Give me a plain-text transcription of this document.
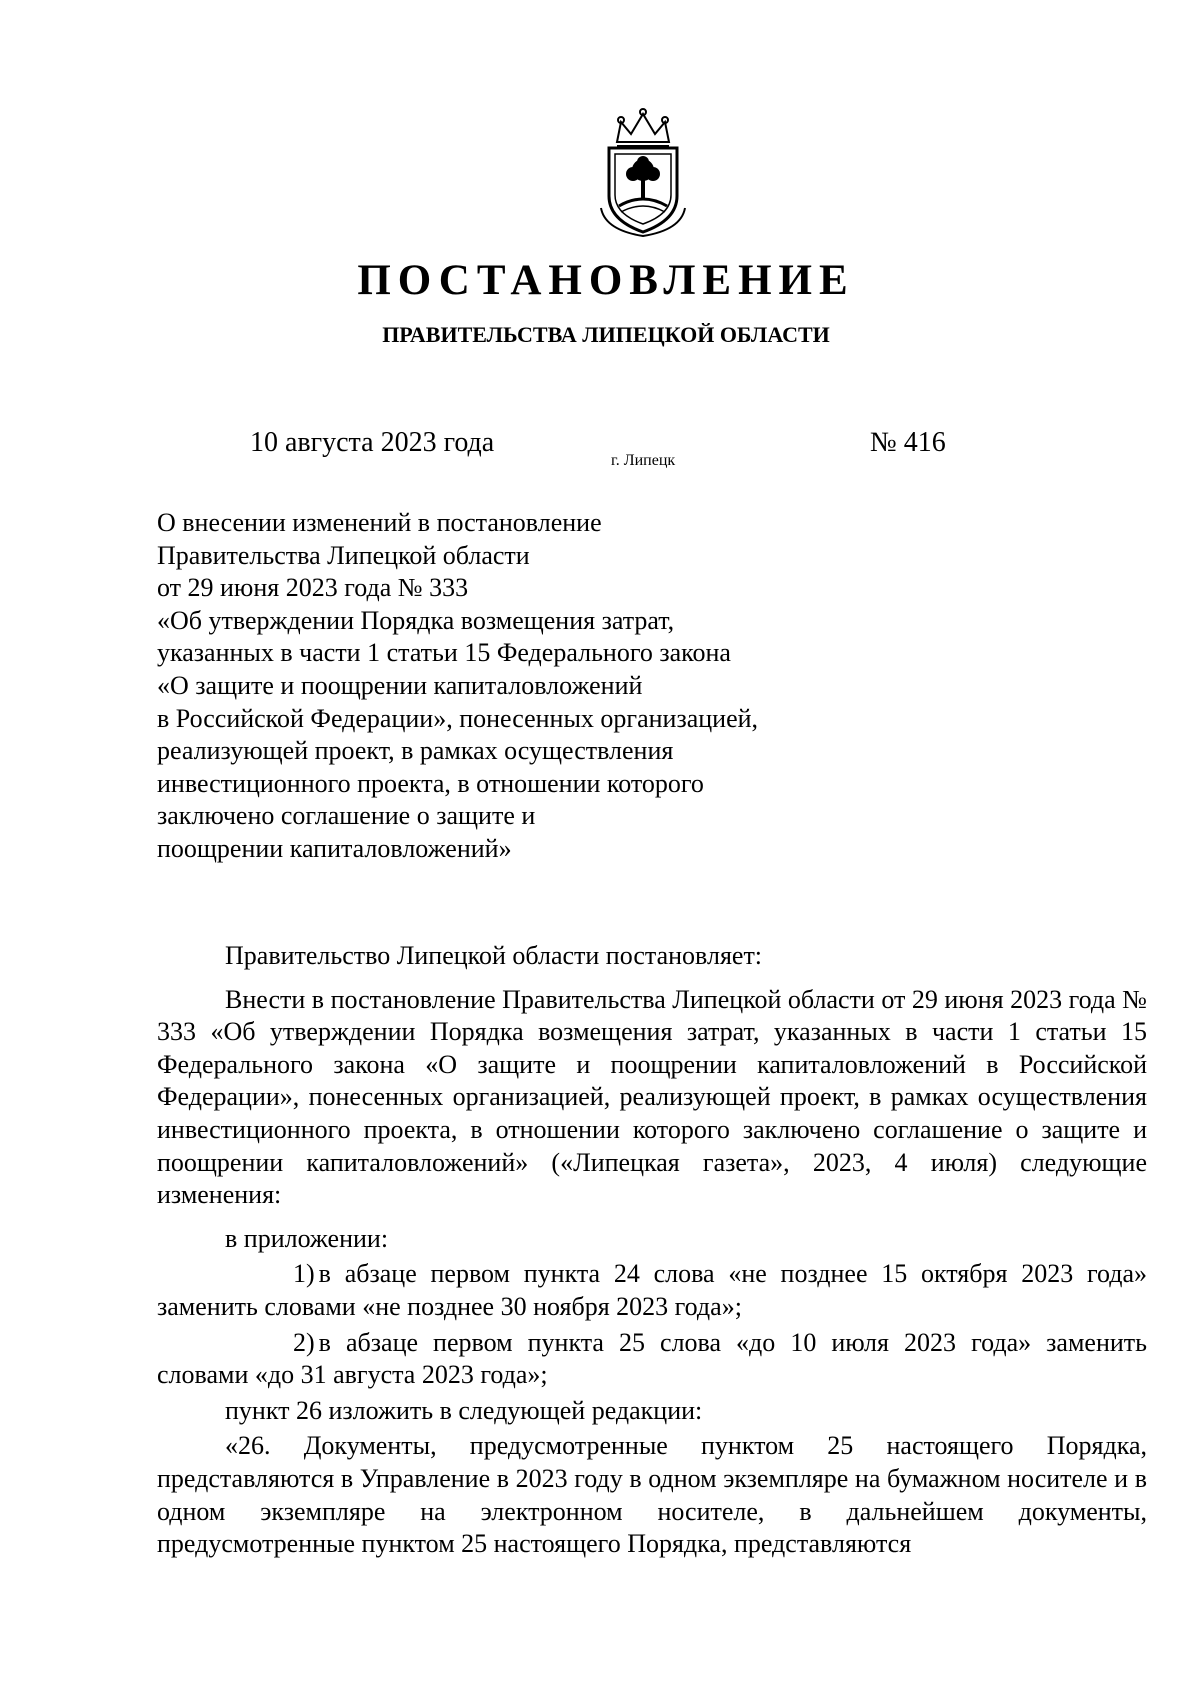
ПОСТАНОВЛЕНИЕ
ПРАВИТЕЛЬСТВА ЛИПЕЦКОЙ ОБЛАСТИ
10 августа 2023 года
г. Липецк
№ 416
О внесении изменений в постановление
Правительства Липецкой области
от 29 июня 2023 года № 333
«Об утверждении Порядка возмещения затрат,
указанных в части 1 статьи 15 Федерального закона
«О защите и поощрении капиталовложений
в Российской Федерации», понесенных организацией,
реализующей проект, в рамках осуществления
инвестиционного проекта, в отношении которого
заключено соглашение о защите и
поощрении капиталовложений»

Правительство Липецкой области постановляет:

Внести в постановление Правительства Липецкой области от 29 июня 2023 года № 333 «Об утверждении Порядка возмещения затрат, указанных в части 1 статьи 15 Федерального закона «О защите и поощрении капиталовложений в Российской Федерации», понесенных организацией, реализующей проект, в рамках осуществления инвестиционного проекта, в отношении которого заключено соглашение о защите и поощрении капиталовложений» («Липецкая газета», 2023, 4 июля) следующие изменения:

в приложении:

1) в абзаце первом пункта 24 слова «не позднее 15 октября 2023 года» заменить словами «не позднее 30 ноября 2023 года»;

2) в абзаце первом пункта 25 слова «до 10 июля 2023 года» заменить словами «до 31 августа 2023 года»;

пункт 26 изложить в следующей редакции:

«26. Документы, предусмотренные пунктом 25 настоящего Порядка, представляются в Управление в 2023 году в одном экземпляре на бумажном носителе и в одном экземпляре на электронном носителе, в дальнейшем документы, предусмотренные пунктом 25 настоящего Порядка, представляются
